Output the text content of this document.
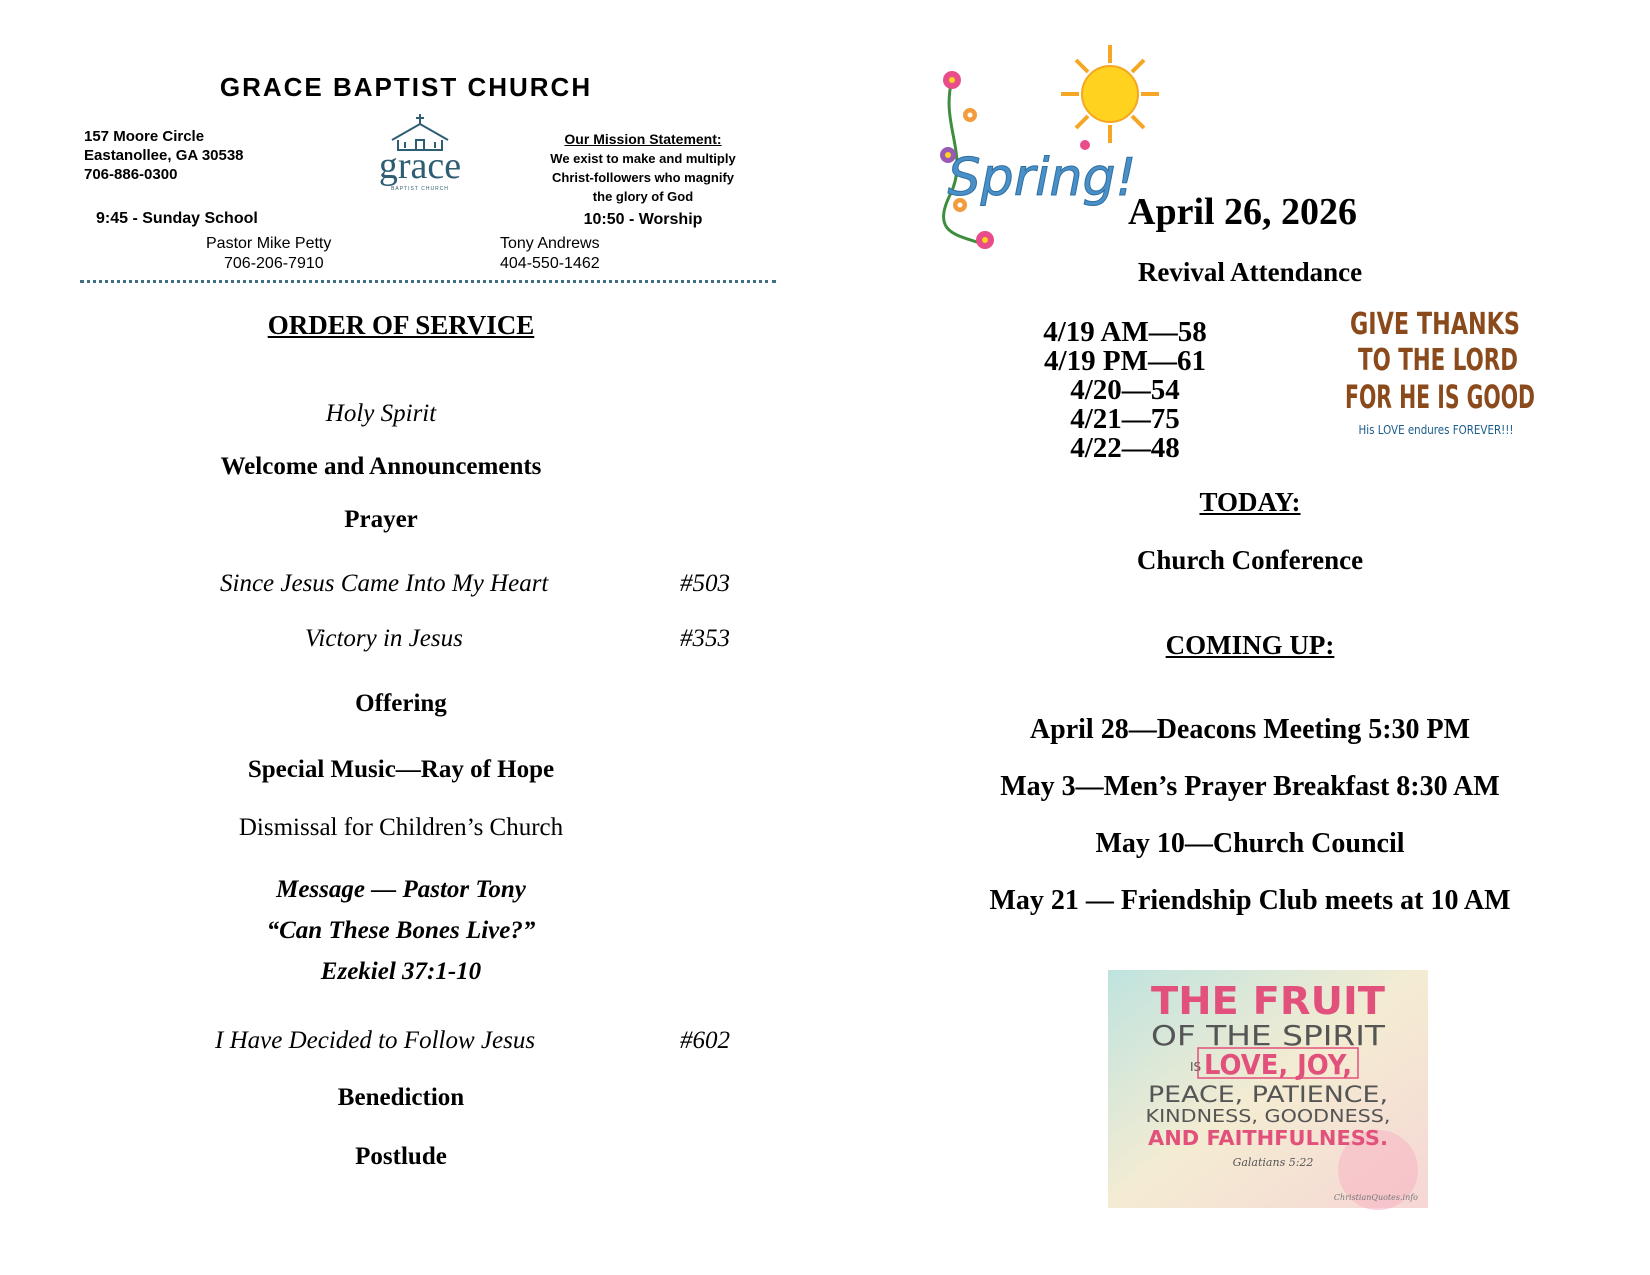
GRACE BAPTIST CHURCH
157 Moore Circle
Eastanollee, GA 30538
706-886-0300	grace
BAPTIST CHURCH
Our Mission Statement:
We exist to make and multiply
Christ-followers who magnify
the glory of God
9:45 - Sunday School	10:50 - Worship
Pastor Mike Petty
706-206-7910
Tony Andrews
404-550-1462
ORDER OF SERVICE
Holy Spirit
Welcome and Announcements
Prayer
Since Jesus Came Into My Heart	#503
Victory in Jesus	#353
Offering
Special Music—Ray of Hope
Dismissal for Children’s Church
Message — Pastor Tony
“Can These Bones Live?”
Ezekiel 37:1-10
I Have Decided to Follow Jesus	#602
Benediction
Postlude
Spring!
April 26, 2026
Revival Attendance
4/19 AM—58
4/19 PM—61
4/20—54
4/21—75
4/22—48
GIVE THANKS
TO THE LORD
FOR HE IS GOOD
His LOVE endures FOREVER!!!
TODAY:
Church Conference
COMING UP:
April 28—Deacons Meeting 5:30 PM
May 3—Men’s Prayer Breakfast 8:30 AM
May 10—Church Council
May 21 — Friendship Club meets at 10 AM
THE FRUIT
OF THE SPIRIT
IS LOVE, JOY,
PEACE, PATIENCE,
KINDNESS, GOODNESS,
AND FAITHFULNESS.
Galatians 5:22
ChristianQuotes.info
